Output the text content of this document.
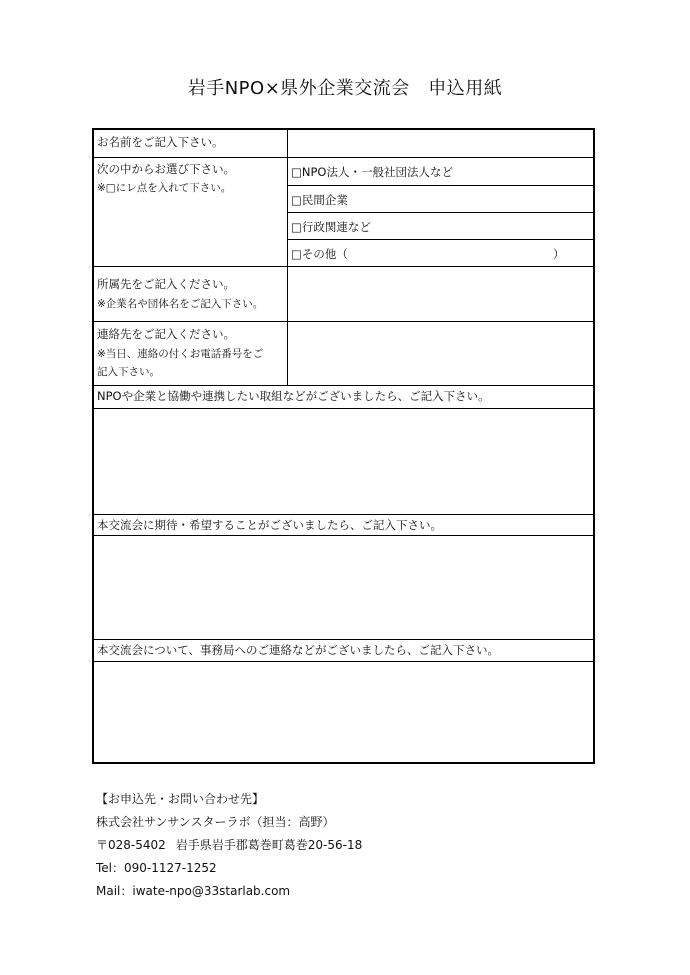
岩手NPO×県外企業交流会　申込用紙
お名前をご記入下さい。
次の中からお選び下さい。
※□にレ点を入れて下さい。
□NPO法人・一般社団法人など
□民間企業
□行政関連など
□その他（	）
所属先をご記入ください。
※企業名や団体名をご記入下さい。
連絡先をご記入ください。
※当日、連絡の付くお電話番号をご
記入下さい。
NPOや企業と協働や連携したい取組などがございましたら、ご記入下さい。
本交流会に期待・希望することがございましたら、ご記入下さい。
本交流会について、事務局へのご連絡などがございましたら、ご記入下さい。
【お申込先・お問い合わせ先】
株式会社サンサンスターラボ（担当：高野）
〒028-5402 岩手県岩手郡葛巻町葛巻20-56-18
Tel：090-1127-1252
Mail：iwate-npo@33starlab.com
